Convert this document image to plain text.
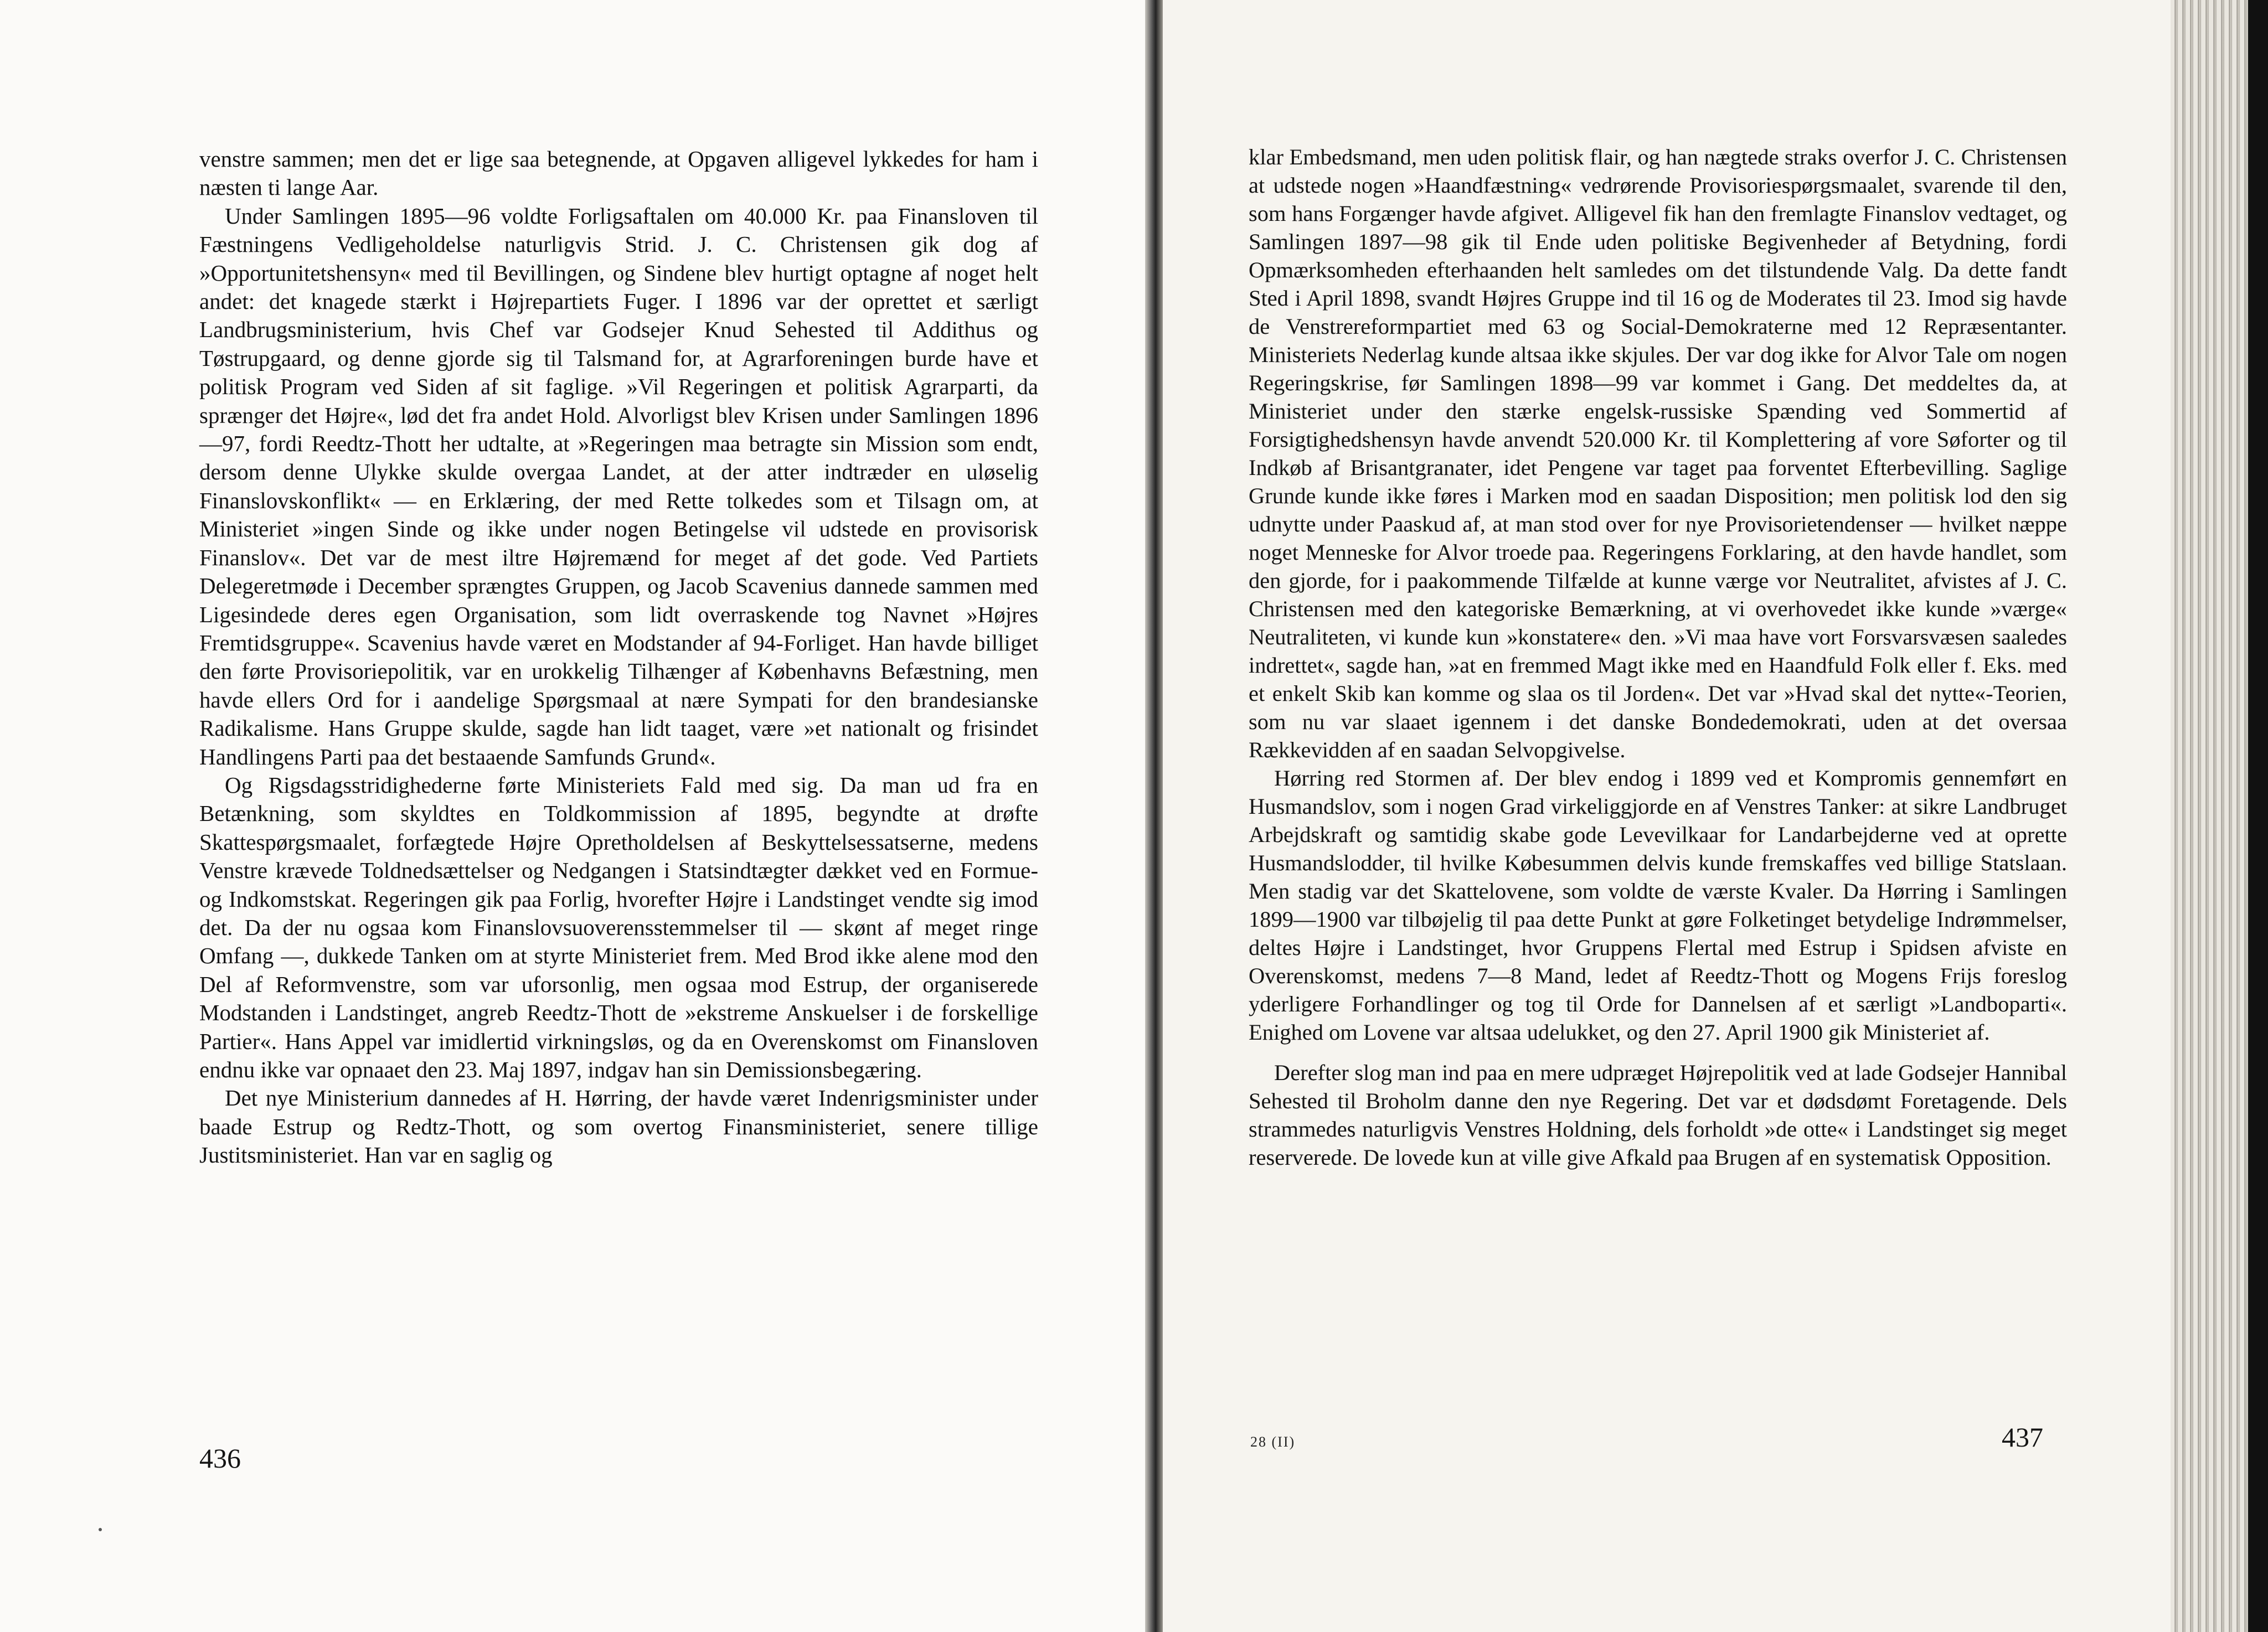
venstre sammen; men det er lige saa betegnende, at Opgaven alligevel lykkedes for ham i næsten ti lange Aar.

Under Samlingen 1895—96 voldte Forligsaftalen om 40.000 Kr. paa Finansloven til Fæstningens Vedligeholdelse naturligvis Strid. J. C. Christensen gik dog af »Opportunitetshensyn« med til Bevillingen, og Sindene blev hurtigt optagne af noget helt andet: det knagede stærkt i Højrepartiets Fuger. I 1896 var der oprettet et særligt Landbrugsministerium, hvis Chef var Godsejer Knud Sehested til Addithus og Tøstrupgaard, og denne gjorde sig til Talsmand for, at Agrarforeningen burde have et politisk Program ved Siden af sit faglige. »Vil Regeringen et politisk Agrarparti, da sprænger det Højre«, lød det fra andet Hold. Alvorligst blev Krisen under Samlingen 1896—97, fordi Reedtz-Thott her udtalte, at »Regeringen maa betragte sin Mission som endt, dersom denne Ulykke skulde overgaa Landet, at der atter indtræder en uløselig Finanslovskonflikt« — en Erklæring, der med Rette tolkedes som et Tilsagn om, at Ministeriet »ingen Sinde og ikke under nogen Betingelse vil udstede en provisorisk Finanslov«. Det var de mest iltre Højremænd for meget af det gode. Ved Partiets Delegeretmøde i December sprængtes Gruppen, og Jacob Scavenius dannede sammen med Ligesindede deres egen Organisation, som lidt overraskende tog Navnet »Højres Fremtidsgruppe«. Scavenius havde været en Modstander af 94-Forliget. Han havde billiget den førte Provisoriepolitik, var en urokkelig Tilhænger af Københavns Befæstning, men havde ellers Ord for i aandelige Spørgsmaal at nære Sympati for den brandesianske Radikalisme. Hans Gruppe skulde, sagde han lidt taaget, være »et nationalt og frisindet Handlingens Parti paa det bestaaende Samfunds Grund«.

Og Rigsdagsstridighederne førte Ministeriets Fald med sig. Da man ud fra en Betænkning, som skyldtes en Toldkommission af 1895, begyndte at drøfte Skattespørgsmaalet, forfægtede Højre Opretholdelsen af Beskyttelsessatserne, medens Venstre krævede Toldnedsættelser og Nedgangen i Statsindtægter dækket ved en Formue- og Indkomstskat. Regeringen gik paa Forlig, hvorefter Højre i Landstinget vendte sig imod det. Da der nu ogsaa kom Finanslovsuoverensstemmelser til — skønt af meget ringe Omfang —, dukkede Tanken om at styrte Ministeriet frem. Med Brod ikke alene mod den Del af Reformvenstre, som var uforsonlig, men ogsaa mod Estrup, der organiserede Modstanden i Landstinget, angreb Reedtz-Thott de »ekstreme Anskuelser i de forskellige Partier«. Hans Appel var imidlertid virkningsløs, og da en Overenskomst om Finansloven endnu ikke var opnaaet den 23. Maj 1897, indgav han sin Demissionsbegæring.

Det nye Ministerium dannedes af H. Hørring, der havde været Indenrigsminister under baade Estrup og Redtz-Thott, og som overtog Finansministeriet, senere tillige Justitsministeriet. Han var en saglig og

436

klar Embedsmand, men uden politisk flair, og han nægtede straks overfor J. C. Christensen at udstede nogen »Haandfæstning« vedrørende Provisoriespørgsmaalet, svarende til den, som hans Forgænger havde afgivet. Alligevel fik han den fremlagte Finanslov vedtaget, og Samlingen 1897—98 gik til Ende uden politiske Begivenheder af Betydning, fordi Opmærksomheden efterhaanden helt samledes om det tilstundende Valg. Da dette fandt Sted i April 1898, svandt Højres Gruppe ind til 16 og de Moderates til 23. Imod sig havde de Venstrereformpartiet med 63 og Social-Demokraterne med 12 Repræsentanter. Ministeriets Nederlag kunde altsaa ikke skjules. Der var dog ikke for Alvor Tale om nogen Regeringskrise, før Samlingen 1898—99 var kommet i Gang. Det meddeltes da, at Ministeriet under den stærke engelsk-russiske Spænding ved Sommertid af Forsigtighedshensyn havde anvendt 520.000 Kr. til Komplettering af vore Søforter og til Indkøb af Brisantgranater, idet Pengene var taget paa forventet Efterbevilling. Saglige Grunde kunde ikke føres i Marken mod en saadan Disposition; men politisk lod den sig udnytte under Paaskud af, at man stod over for nye Provisorietendenser — hvilket næppe noget Menneske for Alvor troede paa. Regeringens Forklaring, at den havde handlet, som den gjorde, for i paakommende Tilfælde at kunne værge vor Neutralitet, afvistes af J. C. Christensen med den kategoriske Bemærkning, at vi overhovedet ikke kunde »værge« Neutraliteten, vi kunde kun »konstatere« den. »Vi maa have vort Forsvarsvæsen saaledes indrettet«, sagde han, »at en fremmed Magt ikke med en Haandfuld Folk eller f. Eks. med et enkelt Skib kan komme og slaa os til Jorden«. Det var »Hvad skal det nytte«-Teorien, som nu var slaaet igennem i det danske Bondedemokrati, uden at det oversaa Rækkevidden af en saadan Selvopgivelse.

Hørring red Stormen af. Der blev endog i 1899 ved et Kompromis gennemført en Husmandslov, som i nogen Grad virkeliggjorde en af Venstres Tanker: at sikre Landbruget Arbejdskraft og samtidig skabe gode Levevilkaar for Landarbejderne ved at oprette Husmandslodder, til hvilke Købesummen delvis kunde fremskaffes ved billige Statslaan. Men stadig var det Skattelovene, som voldte de værste Kvaler. Da Hørring i Samlingen 1899—1900 var tilbøjelig til paa dette Punkt at gøre Folketinget betydelige Indrømmelser, deltes Højre i Landstinget, hvor Gruppens Flertal med Estrup i Spidsen afviste en Overenskomst, medens 7—8 Mand, ledet af Reedtz-Thott og Mogens Frijs foreslog yderligere Forhandlinger og tog til Orde for Dannelsen af et særligt »Landboparti«. Enighed om Lovene var altsaa udelukket, og den 27. April 1900 gik Ministeriet af.

Derefter slog man ind paa en mere udpræget Højrepolitik ved at lade Godsejer Hannibal Sehested til Broholm danne den nye Regering. Det var et dødsdømt Foretagende. Dels strammedes naturligvis Venstres Holdning, dels forholdt »de otte« i Landstinget sig meget reserverede. De lovede kun at ville give Afkald paa Brugen af en systematisk Opposition.

28 (II)	437
